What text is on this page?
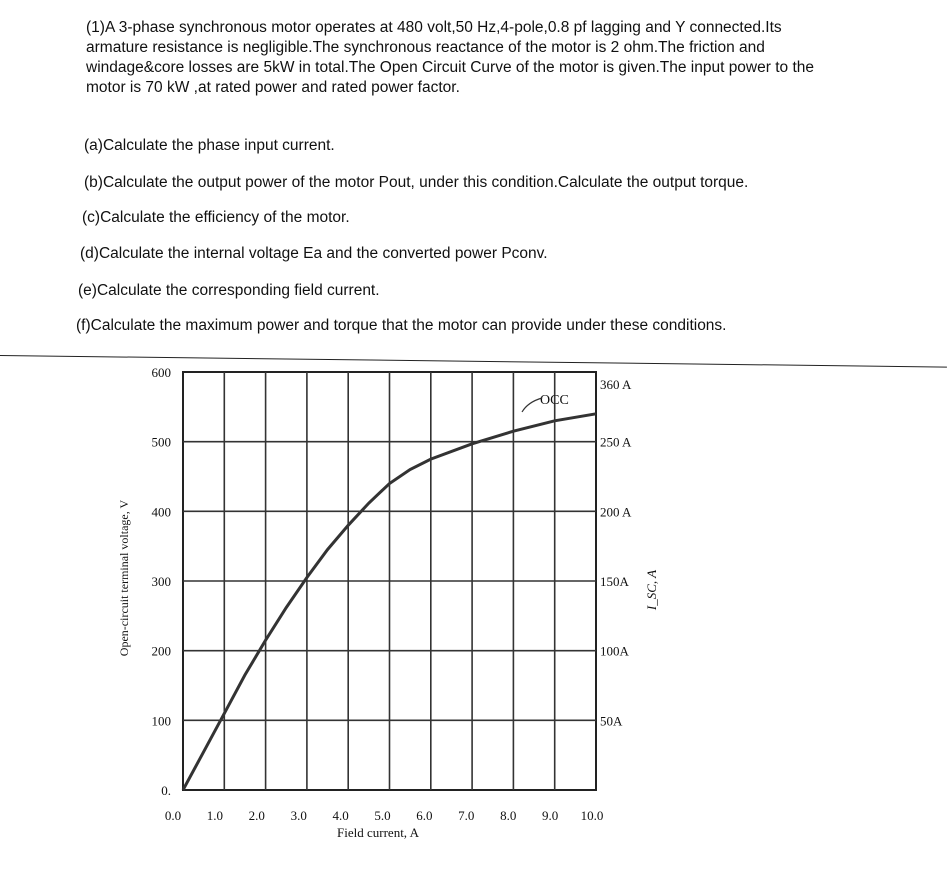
(1)A 3-phase synchronous motor operates at 480 volt,50 Hz,4-pole,0.8 pf lagging and Y connected.Its armature resistance is negligible.The synchronous reactance of the motor is 2 ohm.The friction and windage&core losses are 5kW in total.The Open Circuit Curve of the motor is given.The input power to the motor is 70 kW ,at rated power and rated power factor.

(a)Calculate the phase input current.
(b)Calculate the output power of the motor Pout, under this condition.Calculate the output torque.
(c)Calculate the efficiency of the motor.
(d)Calculate the internal voltage Ea and the converted power Pconv.
(e)Calculate the corresponding field current.
(f)Calculate the maximum power and torque that the motor can provide under these conditions.
0.0 1.0 2.0 3.0 4.0 5.0 6.0 7.0 8.0 9.0 10.0
0.
100
200
300
400
500
600
50A
100A
150A
200 A
250 A
360 A
OCC
Field current, A
Open-circuit terminal voltage, V	I_SC, A
